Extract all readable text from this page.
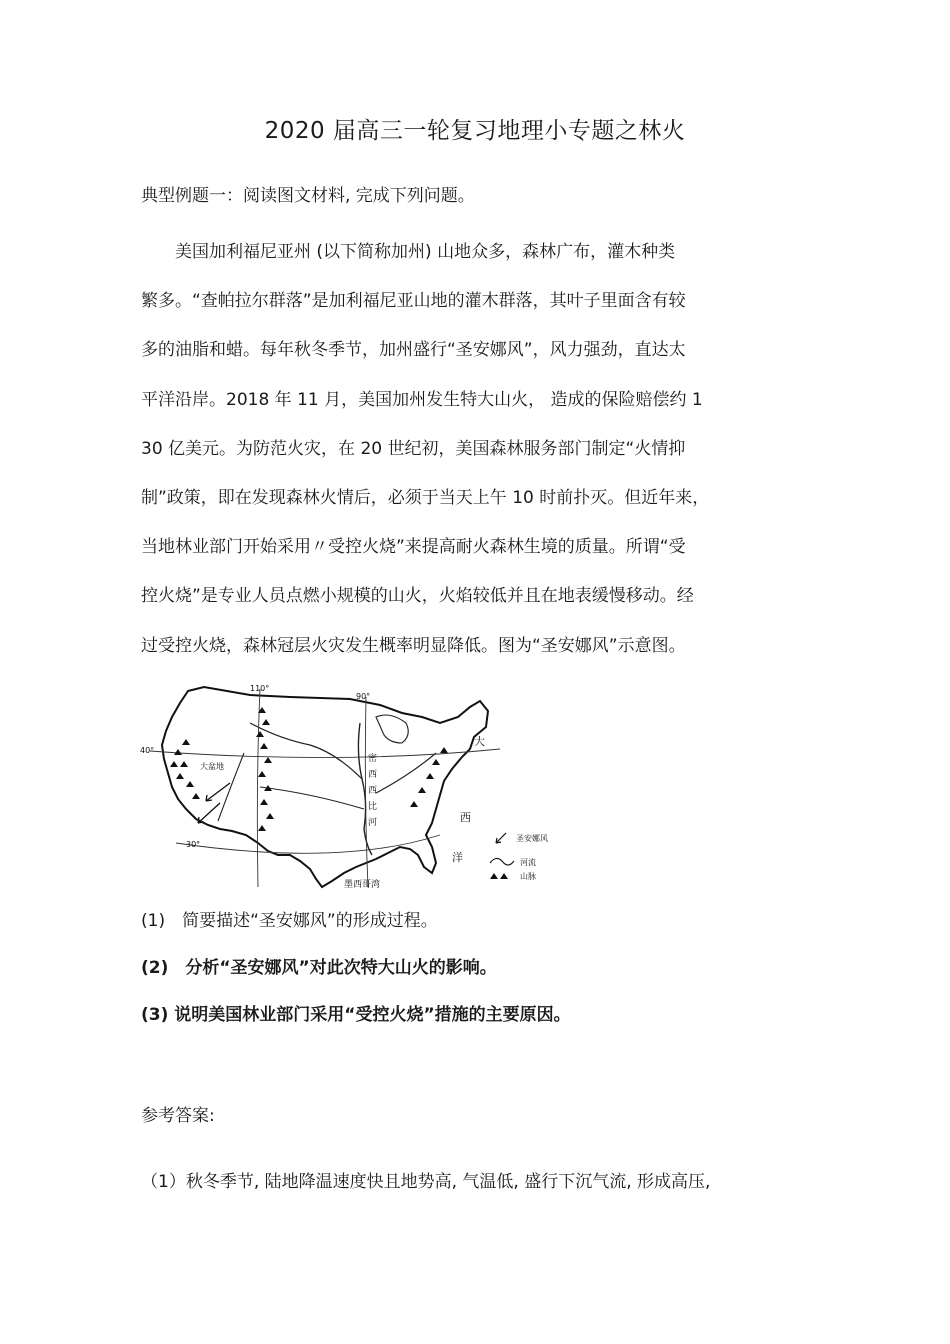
2020 届高三一轮复习地理小专题之林火
典型例题一：阅读图文材料, 完成下列问题。

　　美国加利福尼亚州 (以下简称加州) 山地众多，森林广布，灌木种类

繁多。“查帕拉尔群落”是加利福尼亚山地的灌木群落，其叶子里面含有较

多的油脂和蜡。每年秋冬季节，加州盛行“圣安娜风”，风力强劲，直达太

平洋沿岸。2018 年 11 月，美国加州发生特大山火， 造成的保险赔偿约 1

30 亿美元。为防范火灾，在 20 世纪初，美国森林服务部门制定“火情抑

制”政策，即在发现森林火情后，必须于当天上午 10 时前扑灭。但近年来，

当地林业部门开始采用〃受控火烧”来提高耐火森林生境的质量。所谓“受

控火烧”是专业人员点燃小规模的山火，火焰较低并且在地表缓慢移动。经

过受控火烧，森林冠层火灾发生概率明显降低。图为“圣安娜风”示意图。

110°
90°
40°
30°
大盆地
密
西
西
比
河
大
西
洋
墨西哥湾
圣安娜风
河流
山脉
(1)　简要描述“圣安娜风”的形成过程。
(2)　分析“圣安娜风”对此次特大山火的影响。
(3) 说明美国林业部门采用“受控火烧”措施的主要原因。
参考答案:
（1）秋冬季节, 陆地降温速度快且地势高, 气温低, 盛行下沉气流, 形成高压,
